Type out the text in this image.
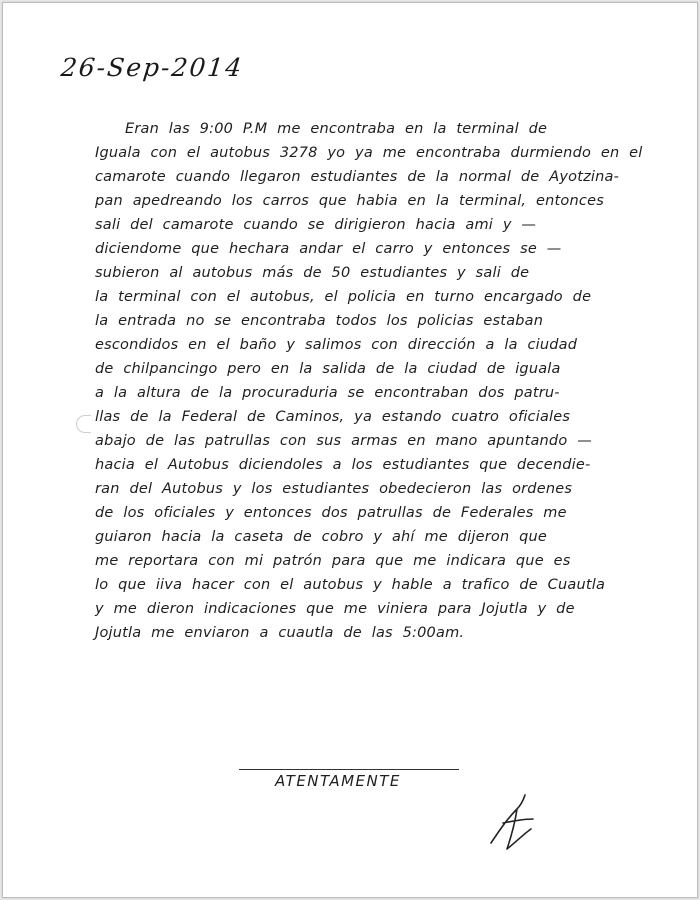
26-Sep-2014
Eran las 9:00 P.M me encontraba en la terminal de
Iguala con el autobus 3278 yo ya me encontraba durmiendo en el
camarote cuando llegaron estudiantes de la normal de Ayotzina-
pan apedreando los carros que habia en la terminal, entonces
sali del camarote cuando se dirigieron hacia ami y —
diciendome que hechara andar el carro y entonces se —
subieron al autobus más de 50 estudiantes y sali de
la terminal con el autobus, el policia en turno encargado de
la entrada no se encontraba todos los policias estaban
escondidos en el baño y salimos con dirección a la ciudad
de chilpancingo pero en la salida de la ciudad de iguala
a la altura de la procuraduria se encontraban dos patru-
llas de la Federal de Caminos, ya estando cuatro oficiales
abajo de las patrullas con sus armas en mano apuntando —
hacia el Autobus diciendoles a los estudiantes que decendie-
ran del Autobus y los estudiantes obedecieron las ordenes
de los oficiales y entonces dos patrullas de Federales me
guiaron hacia la caseta de cobro y ahí me dijeron que
me reportara con mi patrón para que me indicara que es
lo que iiva hacer con el autobus y hable a trafico de Cuautla
y me dieron indicaciones que me viniera para Jojutla y de
Jojutla me enviaron a cuautla de las 5:00am.
ATENTAMENTE
